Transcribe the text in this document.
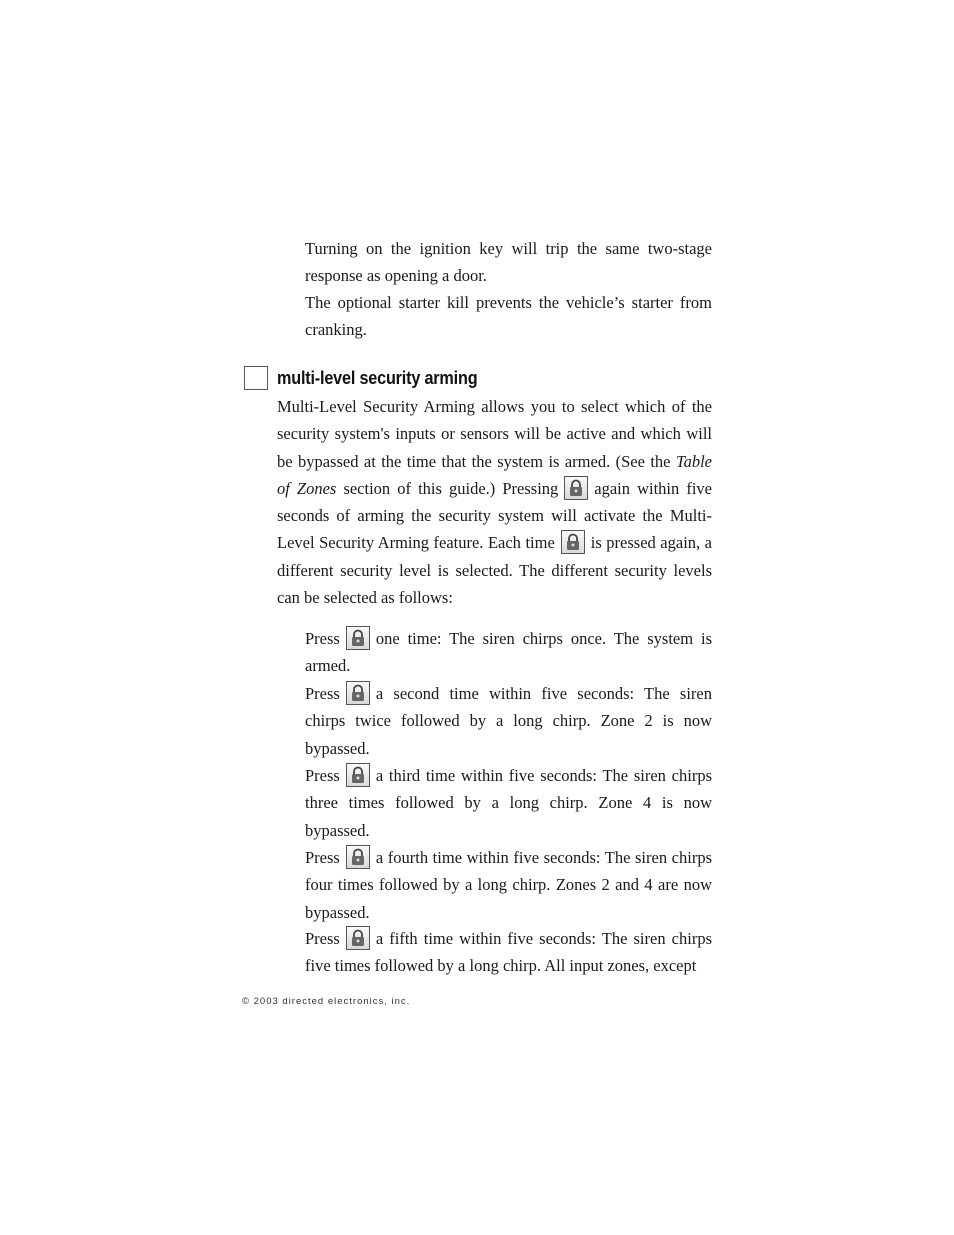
Turning on the ignition key will trip the same two-stage response as opening a door.

The optional starter kill prevents the vehicle’s starter from cranking.

multi-level security arming

Multi-Level Security Arming allows you to select which of the security system's inputs or sensors will be active and which will be bypassed at the time that the system is armed. (See the Table of Zones section of this guide.) Pressing again within five seconds of arming the security system will activate the Multi-Level Security Arming feature. Each time is pressed again, a different security level is selected. The different security levels can be selected as follows:

Press one time: The siren chirps once. The system is armed.

Press a second time within five seconds: The siren chirps twice followed by a long chirp. Zone 2 is now bypassed.

Press a third time within five seconds: The siren chirps three times followed by a long chirp. Zone 4 is now bypassed.

Press a fourth time within five seconds: The siren chirps four times followed by a long chirp. Zones 2 and 4 are now bypassed.

Press a fifth time within five seconds: The siren chirps five times followed by a long chirp. All input zones, except

© 2003 directed electronics, inc.
